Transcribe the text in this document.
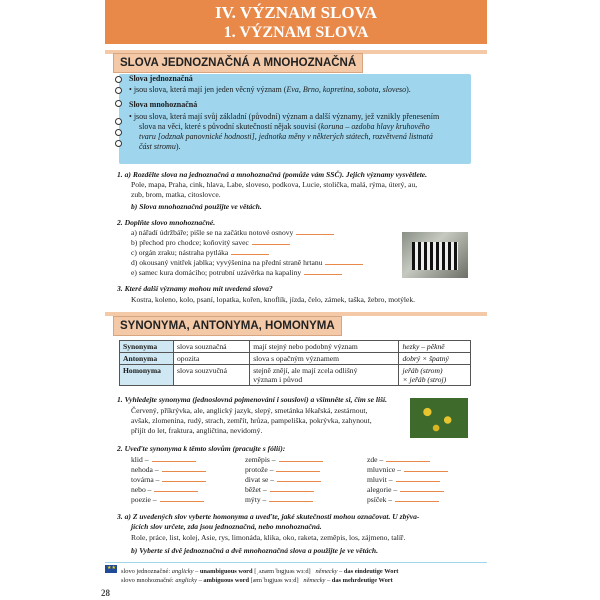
IV. VÝZNAM SLOVA
1. VÝZNAM SLOVA
SLOVA JEDNOZNAČNÁ A MNOHOZNAČNÁ
Slova jednoznačná
• jsou slova, která mají jen jeden věcný význam (Eva, Brno, kopretina, sobota, sloveso).
Slova mnohoznačná
• jsou slova, která mají svůj základní (původní) význam a další významy, jež vznikly přenesením
slova na věci, které s původní skutečností nějak souvisí (koruna – ozdoba hlavy kruhového
tvaru [odznak panovnické hodnosti], jednotka měny v některých státech, rozvětvená listnatá
část stromu).
1. a) Rozdělte slova na jednoznačná a mnohoznačná (pomůže vám SSČ). Jejich významy vysvětlete.
Pole, mapa, Praha, cink, hlava, Labe, sloveso, podkova, Lucie, stolička, malá, rýma, úterý, au,
zub, brom, matka, citoslovce.
b) Slova mnohoznačná použijte ve větách.
2. Doplňte slovo mnohoznačné.
a) nářadí údržbáře; pišle se na začátku notové osnovy
b) přechod pro chodce; koňovitý savec
c) orgán zraku; nástraha pytláka
d) okousaný vnitřek jablka; vyvýšenina na přední straně hrtanu
e) samec kura domácího; potrubní uzávěrka na kapaliny
3. Které další významy mohou mít uvedená slova?
Kostra, koleno, kolo, psaní, lopatka, kořen, knoflík, jízda, čelo, zámek, taška, žebro, motýlek.
SYNONYMA, ANTONYMA, HOMONYMA
Synonyma	slova souznačná	mají stejný nebo podobný význam	hezky – pěkně
Antonyma	opozita	slova s opačným významem	dobrý × špatný
Homonyma	slova souzvučná	stejně znějí, ale mají zcela odlišný
význam i původ	jeřáb (strom)
× jeřáb (stroj)
1. Vyhledejte synonyma (jednoslovná pojmenování i sousloví) a všimněte si, čím se liší.
Červený, příkrývka, ale, anglický jazyk, slepý, smetánka lékařská, zestárnout,
avšak, zlomenina, rudý, strach, zemřít, hrůza, pampeliška, pokrývka, zahynout,
přijít do let, fraktura, angličtina, nevidomý.
2. Uveďte synonyma k těmto slovům (pracujte s fólií):
klid –
nehoda –
továrna –
nebo –
poezie –
zeměpis –
protože –
divat se –
běžet –
mýty –
zde –
mluvnice –
mluvit –
alegorie –
psíček –
3. a) Z uvedených slov vyberte homonyma a uveďte, jaké skutečnosti mohou označovat. U zbýva-
jících slov určete, zda jsou jednoznačná, nebo mnohoznačná.
Role, práce, list, kolej, Asie, rys, limonáda, klika, oko, raketa, zeměpis, los, zájmeno, talíř.
b) Vyberte si dvě jednoznačná a dvě mnohoznačná slova a použijte je ve větách.
★★
28
slovo jednoznačné: anglicky – unambiguous word [ˌʌnæmˈbɪgjuəs wɜːd] německy – das eindeutige Wort
slovo mnohoznačné: anglicky – ambiguous word [æmˈbɪgjuəs wɜːd] německy – das mehrdeutige Wort
